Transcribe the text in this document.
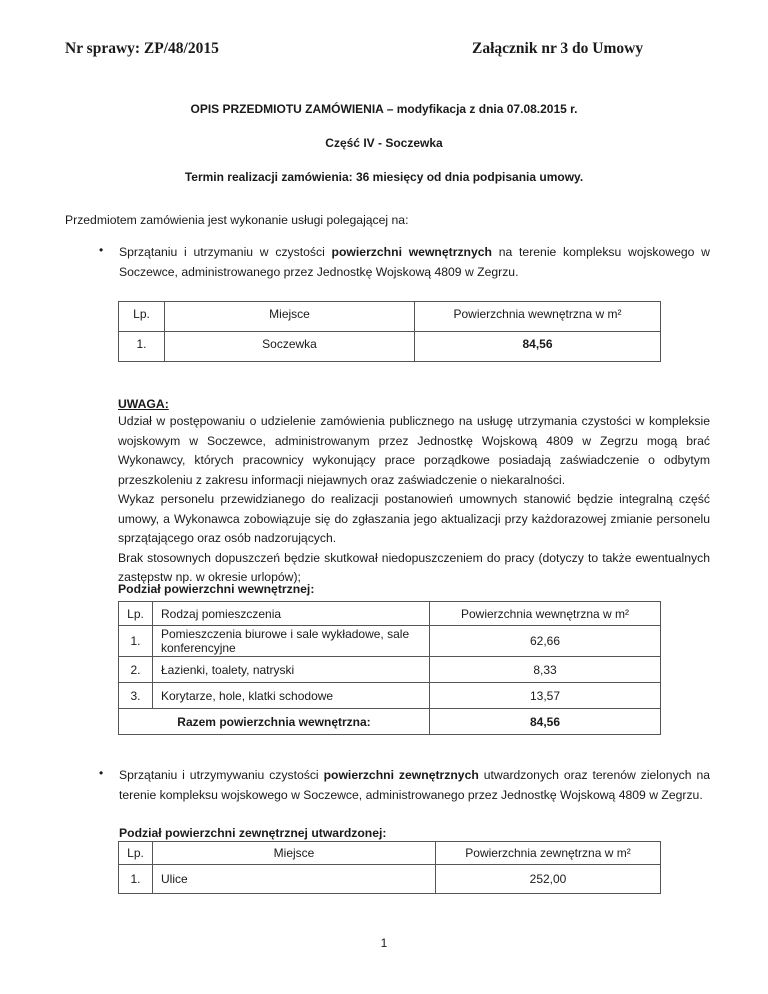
Nr sprawy: ZP/48/2015	Załącznik nr 3 do Umowy
OPIS PRZEDMIOTU ZAMÓWIENIA – modyfikacja z dnia 07.08.2015 r.
Część IV - Soczewka
Termin realizacji zamówienia: 36 miesięcy od dnia podpisania umowy.
Przedmiotem zamówienia jest wykonanie usługi polegającej na:
• Sprzątaniu i utrzymaniu w czystości powierzchni wewnętrznych na terenie kompleksu wojskowego w Soczewce, administrowanego przez Jednostkę Wojskową 4809 w Zegrzu.
Lp.	Miejsce	Powierzchnia wewnętrzna w m²
1.	Soczewka	84,56
UWAGA:
Udział w postępowaniu o udzielenie zamówienia publicznego na usługę utrzymania czystości w kompleksie wojskowym w Soczewce, administrowanym przez Jednostkę Wojskową 4809 w Zegrzu mogą brać Wykonawcy, których pracownicy wykonujący prace porządkowe posiadają zaświadczenie o odbytym przeszkoleniu z zakresu informacji niejawnych oraz zaświadczenie o niekaralności.
Wykaz personelu przewidzianego do realizacji postanowień umownych stanowić będzie integralną część umowy, a Wykonawca zobowiązuje się do zgłaszania jego aktualizacji przy każdorazowej zmianie personelu sprzątającego oraz osób nadzorujących.
Brak stosownych dopuszczeń będzie skutkował niedopuszczeniem do pracy (dotyczy to także ewentualnych zastępstw np. w okresie urlopów);
Podział powierzchni wewnętrznej:
Lp.	Rodzaj pomieszczenia	Powierzchnia wewnętrzna w m²
1.	Pomieszczenia biurowe i sale wykładowe, sale konferencyjne	62,66
2.	Łazienki, toalety, natryski	8,33
3.	Korytarze, hole, klatki schodowe	13,57
Razem powierzchnia wewnętrzna:		84,56
• Sprzątaniu i utrzymywaniu czystości powierzchni zewnętrznych utwardzonych oraz terenów zielonych na terenie kompleksu wojskowego w Soczewce, administrowanego przez Jednostkę Wojskową 4809 w Zegrzu.
Podział powierzchni zewnętrznej utwardzonej:
Lp.	Miejsce	Powierzchnia zewnętrzna w m²
1.	Ulice	252,00
1
